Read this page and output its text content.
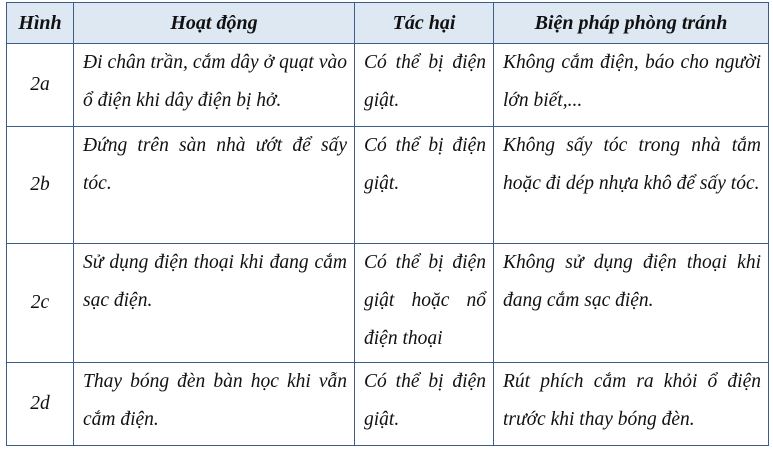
Hình	Hoạt động	Tác hại	Biện pháp phòng tránh
2a	Đi chân trần, cắm dây ở quạt vào ổ điện khi dây điện bị hở.	Có thể bị điện giật.	Không cắm điện, báo cho người lớn biết,...
2b	Đứng trên sàn nhà ướt để sấy tóc.	Có thể bị điện giật.	Không sấy tóc trong nhà tắm hoặc đi dép nhựa khô để sấy tóc.
2c	Sử dụng điện thoại khi đang cắm sạc điện.	Có thể bị điện giật hoặc nổ điện thoại	Không sử dụng điện thoại khi đang cắm sạc điện.
2d	Thay bóng đèn bàn học khi vẫn cắm điện.	Có thể bị điện giật.	Rút phích cắm ra khỏi ổ điện trước khi thay bóng đèn.
